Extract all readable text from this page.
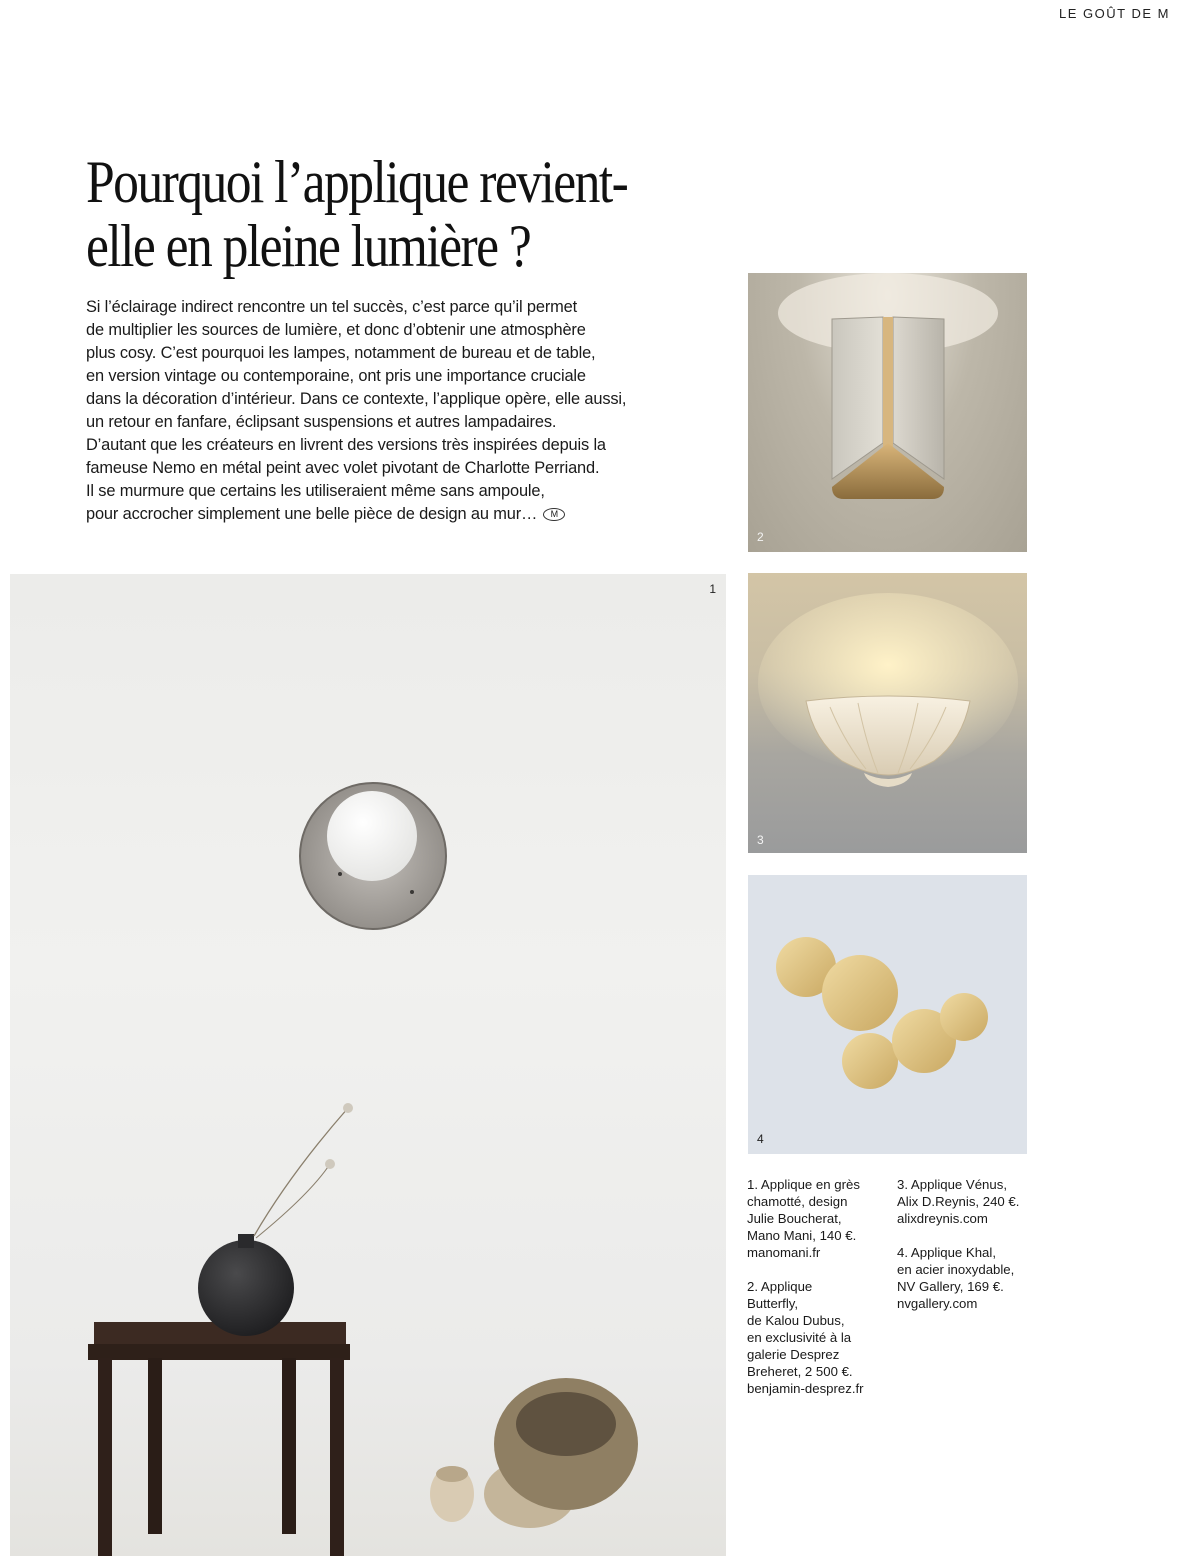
LE GOÛT DE M
Pourquoi l’applique revient-
elle en pleine lumière ?
Si l’éclairage indirect rencontre un tel succès, c’est parce qu’il permet
de multiplier les sources de lumière, et donc d’obtenir une atmosphère
plus cosy. C’est pourquoi les lampes, notamment de bureau et de table,
en version vintage ou contemporaine, ont pris une importance cruciale
dans la décoration d’intérieur. Dans ce contexte, l’applique opère, elle aussi,
un retour en fanfare, éclipsant suspensions et autres lampadaires.
D’autant que les créateurs en livrent des versions très inspirées depuis la
fameuse Nemo en métal peint avec volet pivotant de Charlotte Perriand.
Il se murmure que certains les utiliseraient même sans ampoule,
pour accrocher simplement une belle pièce de design au mur… M
2
3
4
1

1. Applique en grès
chamotté, design
Julie Boucherat,
Mano Mani, 140 €.
manomani.fr

2. Applique
Butterfly,
de Kalou Dubus,
en exclusivité à la
galerie Desprez
Breheret, 2 500 €.
benjamin-desprez.fr

3. Applique Vénus,
Alix D.Reynis, 240 €.
alixdreynis.com

4. Applique Khal,
en acier inoxydable,
NV Gallery, 169 €.
nvgallery.com
